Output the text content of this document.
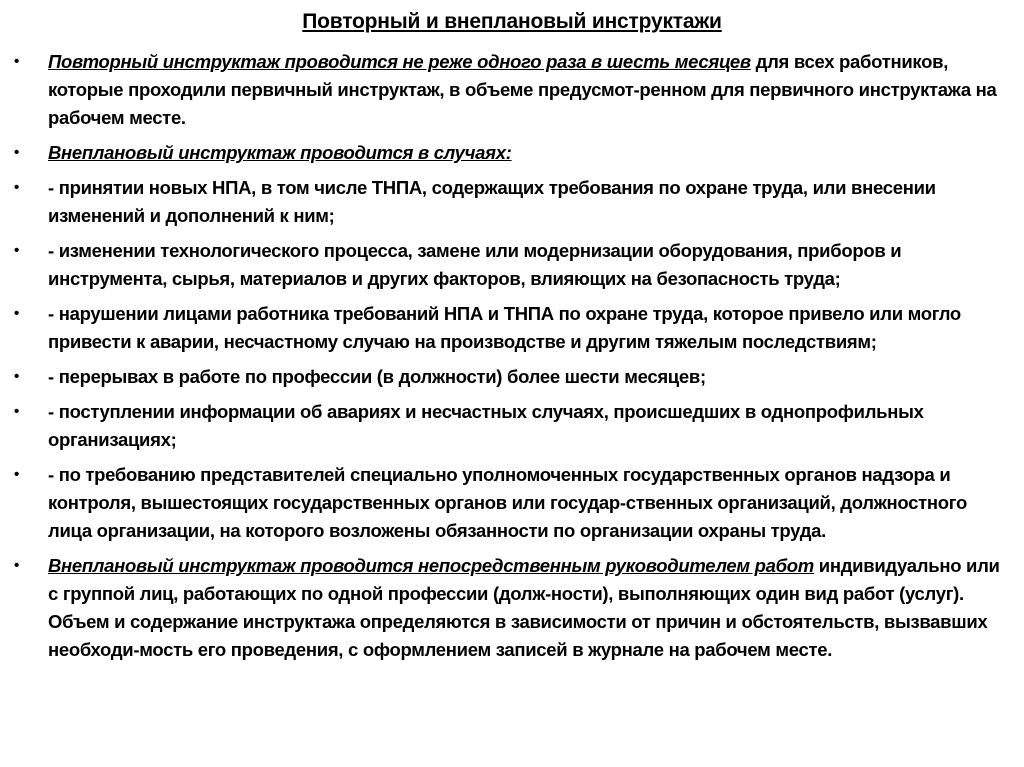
Повторный и внеплановый инструктажи
•	Повторный инструктаж проводится не реже одного раза в шесть месяцев для всех работников, которые проходили первичный инструктаж, в объеме предусмот-ренном для первичного инструктажа на рабочем месте.
•	Внеплановый инструктаж проводится в случаях:
•	- принятии новых НПА, в том числе ТНПА, содержащих требования по охране труда, или внесении изменений и дополнений к ним;
•	- изменении технологического процесса, замене или модернизации оборудования, приборов и инструмента, сырья, материалов и других факторов, влияющих на безопасность труда;
•	- нарушении лицами работника требований НПА и ТНПА по охране труда, которое привело или могло привести к аварии, несчастному случаю на производстве и другим тяжелым последствиям;
•	- перерывах в работе по профессии (в должности) более шести месяцев;
•	- поступлении информации об авариях и несчастных случаях, происшедших в однопрофильных организациях;
•	- по требованию представителей специально уполномоченных государственных органов надзора и контроля, вышестоящих государственных органов или государ-ственных организаций, должностного лица организации, на которого возложены обязанности по организации охраны труда.
•	Внеплановый инструктаж проводится непосредственным руководителем работ индивидуально или с группой лиц, работающих по одной профессии (долж-ности), выполняющих один вид работ (услуг). Объем и содержание инструктажа определяются в зависимости от причин и обстоятельств, вызвавших необходи-мость его проведения, с оформлением записей в журнале на рабочем месте.
